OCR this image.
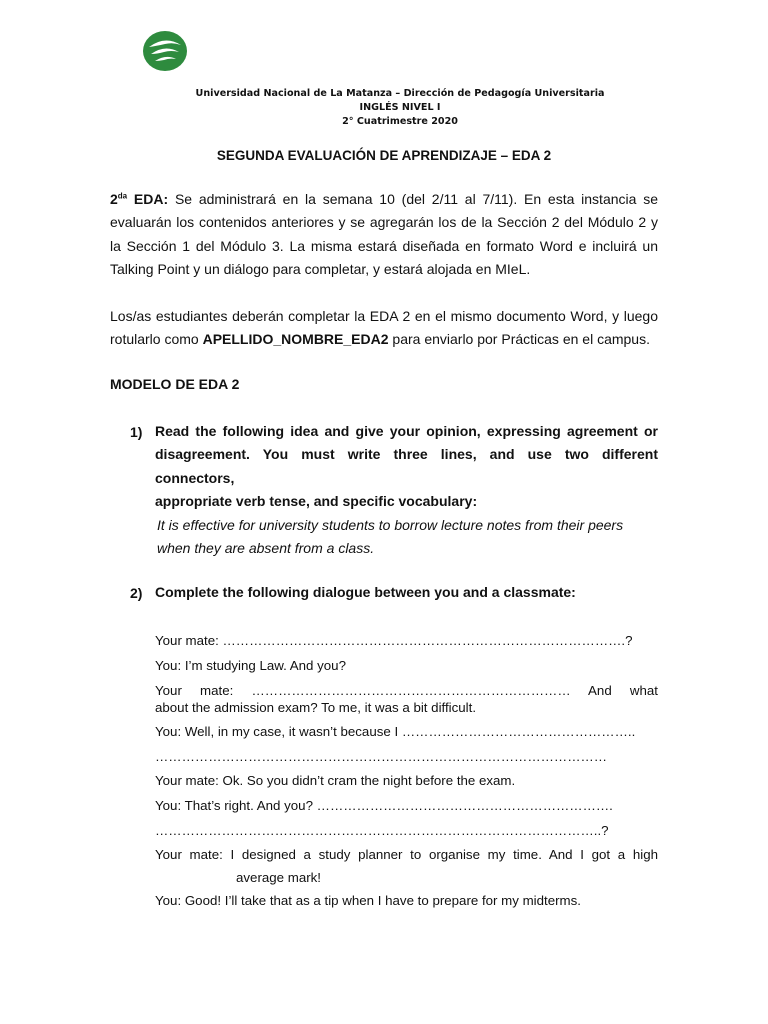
Universidad Nacional de La Matanza – Dirección de Pedagogía Universitaria
INGLÉS NIVEL I
2° Cuatrimestre 2020
SEGUNDA EVALUACIÓN DE APRENDIZAJE – EDA 2
$2^{da}$ EDA: Se administrará en la semana 10 (del 2/11 al 7/11). En esta instancia se
evaluarán los contenidos anteriores y se agregarán los de la Sección 2 del Módulo 2 y
la Sección 1 del Módulo 3. La misma estará diseñada en formato Word e incluirá un
Talking Point y un diálogo para completar, y estará alojada en MIeL.
Los/as estudiantes deberán completar la EDA 2 en el mismo documento Word, y luego
rotularlo como APELLIDO_NOMBRE_EDA2 para enviarlo por Prácticas en el campus.
MODELO DE EDA 2
1) Read the following idea and give your opinion, expressing agreement or
disagreement. You must write three lines, and use two different connectors,
appropriate verb tense, and specific vocabulary:
It is effective for university students to borrow lecture notes from their peers
when they are absent from a class.
2) Complete the following dialogue between you and a classmate:
Your mate: ……………………………………………………………………………….?
You: I’m studying Law. And you?
Your mate: ……………………………………………………………… And what
about the admission exam? To me, it was a bit difficult.
You: Well, in my case, it wasn’t because I ……………………………………………..
…………………………………………………………………………………………
Your mate: Ok. So you didn’t cram the night before the exam.
You: That’s right. And you? ………………………………………………………….
………………………………………………………………………………………..?
Your mate: I designed a study planner to organise my time. And I got a high
average mark!
You: Good! I’ll take that as a tip when I have to prepare for my midterms.
